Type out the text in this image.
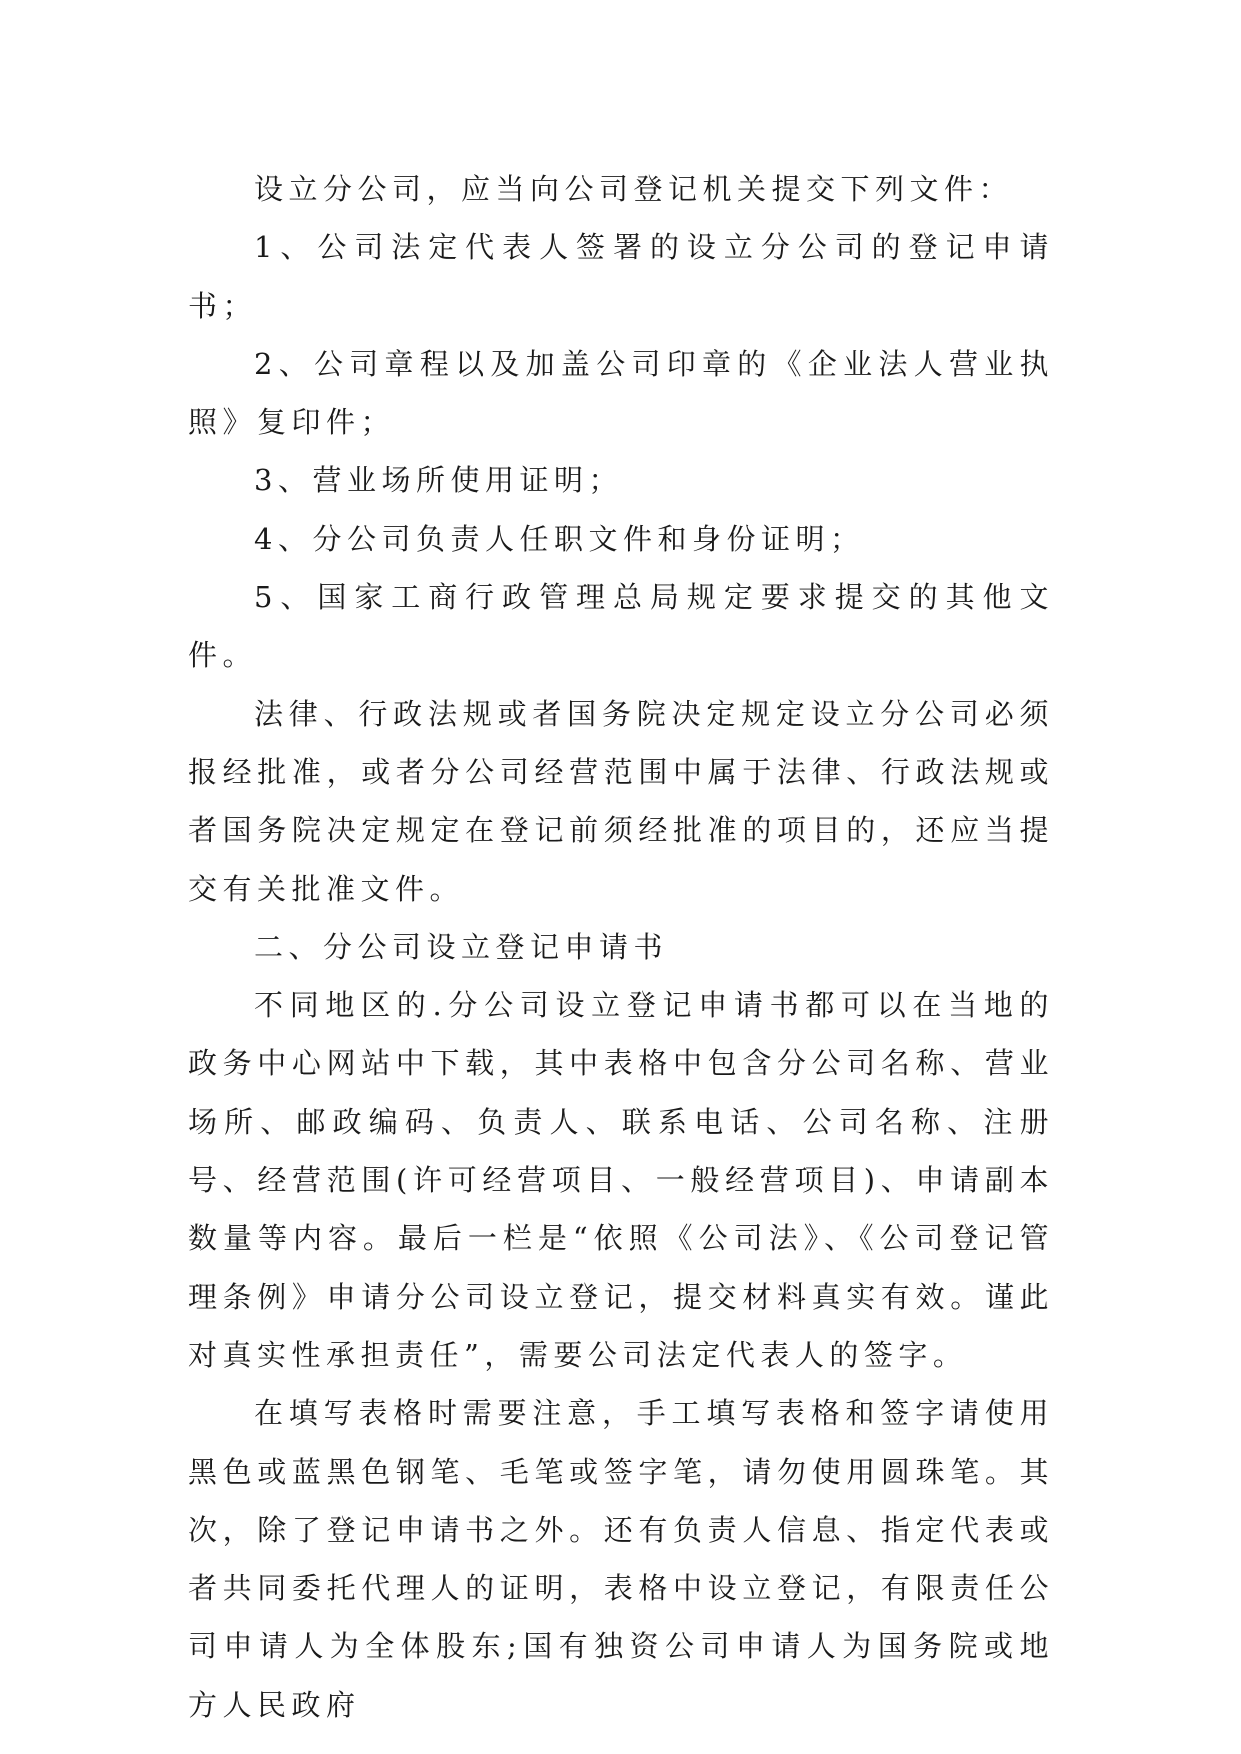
设立分公司，应当向公司登记机关提交下列文件：

1、公司法定代表人签署的设立分公司的登记申请书；

2、公司章程以及加盖公司印章的《企业法人营业执照》复印件；

3、营业场所使用证明；

4、分公司负责人任职文件和身份证明；

5、国家工商行政管理总局规定要求提交的其他文件。

法律、行政法规或者国务院决定规定设立分公司必须报经批准，或者分公司经营范围中属于法律、行政法规或者国务院决定规定在登记前须经批准的项目的，还应当提交有关批准文件。

二、分公司设立登记申请书

不同地区的.分公司设立登记申请书都可以在当地的政务中心网站中下载，其中表格中包含分公司名称、营业场所、邮政编码、负责人、联系电话、公司名称、注册号、经营范围(许可经营项目、一般经营项目)、申请副本数量等内容。最后一栏是“依照《公司法》、《公司登记管理条例》申请分公司设立登记，提交材料真实有效。谨此对真实性承担责任”，需要公司法定代表人的签字。

在填写表格时需要注意，手工填写表格和签字请使用黑色或蓝黑色钢笔、毛笔或签字笔，请勿使用圆珠笔。其次，除了登记申请书之外。还有负责人信息、指定代表或者共同委托代理人的证明，表格中设立登记，有限责任公司申请人为全体股东;国有独资公司申请人为国务院或地方人民政府
